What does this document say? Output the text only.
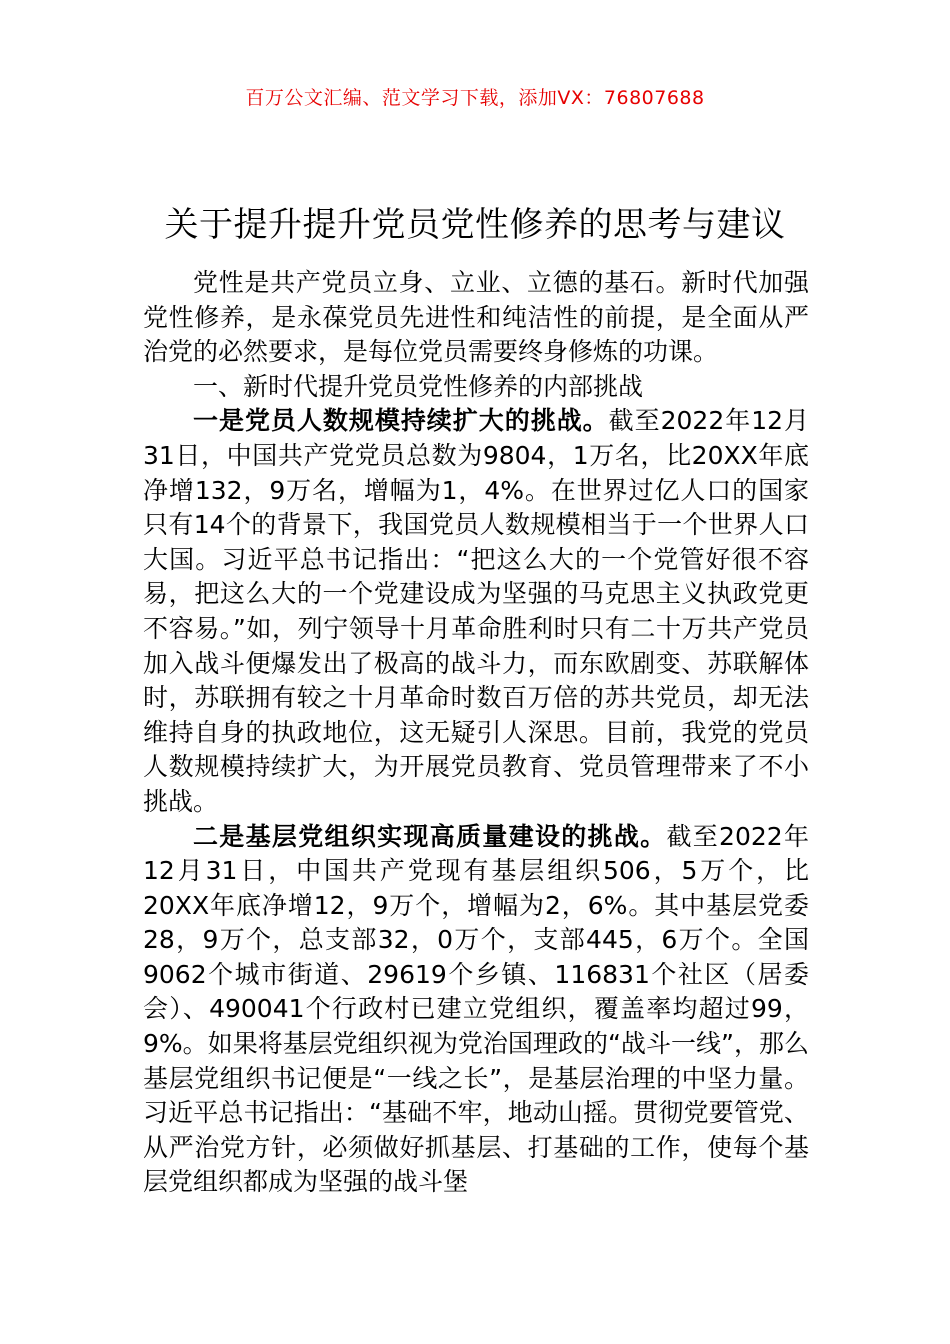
百万公文汇编、范文学习下载，添加VX：76807688
关于提升提升党员党性修养的思考与建议

党性是共产党员立身、立业、立德的基石。新时代加强党性修养，是永葆党员先进性和纯洁性的前提，是全面从严治党的必然要求，是每位党员需要终身修炼的功课。

一、新时代提升党员党性修养的内部挑战

一是党员人数规模持续扩大的挑战。截至2022年12月31日，中国共产党党员总数为9804，1万名，比20XX年底净增132，9万名，增幅为1，4%。在世界过亿人口的国家只有14个的背景下，我国党员人数规模相当于一个世界人口大国。习近平总书记指出：“把这么大的一个党管好很不容易，把这么大的一个党建设成为坚强的马克思主义执政党更不容易。”如，列宁领导十月革命胜利时只有二十万共产党员加入战斗便爆发出了极高的战斗力，而东欧剧变、苏联解体时，苏联拥有较之十月革命时数百万倍的苏共党员，却无法维持自身的执政地位，这无疑引人深思。目前，我党的党员人数规模持续扩大，为开展党员教育、党员管理带来了不小挑战。

二是基层党组织实现高质量建设的挑战。截至2022年12月31日，中国共产党现有基层组织506，5万个，比20XX年底净增12，9万个，增幅为2，6%。其中基层党委28，9万个，总支部32，0万个，支部445，6万个。全国9062个城市街道、29619个乡镇、116831个社区（居委会）、490041个行政村已建立党组织，覆盖率均超过99，9%。如果将基层党组织视为党治国理政的“战斗一线”，那么基层党组织书记便是“一线之长”，是基层治理的中坚力量。习近平总书记指出：“基础不牢，地动山摇。贯彻党要管党、从严治党方针，必须做好抓基层、打基础的工作，使每个基层党组织都成为坚强的战斗堡
